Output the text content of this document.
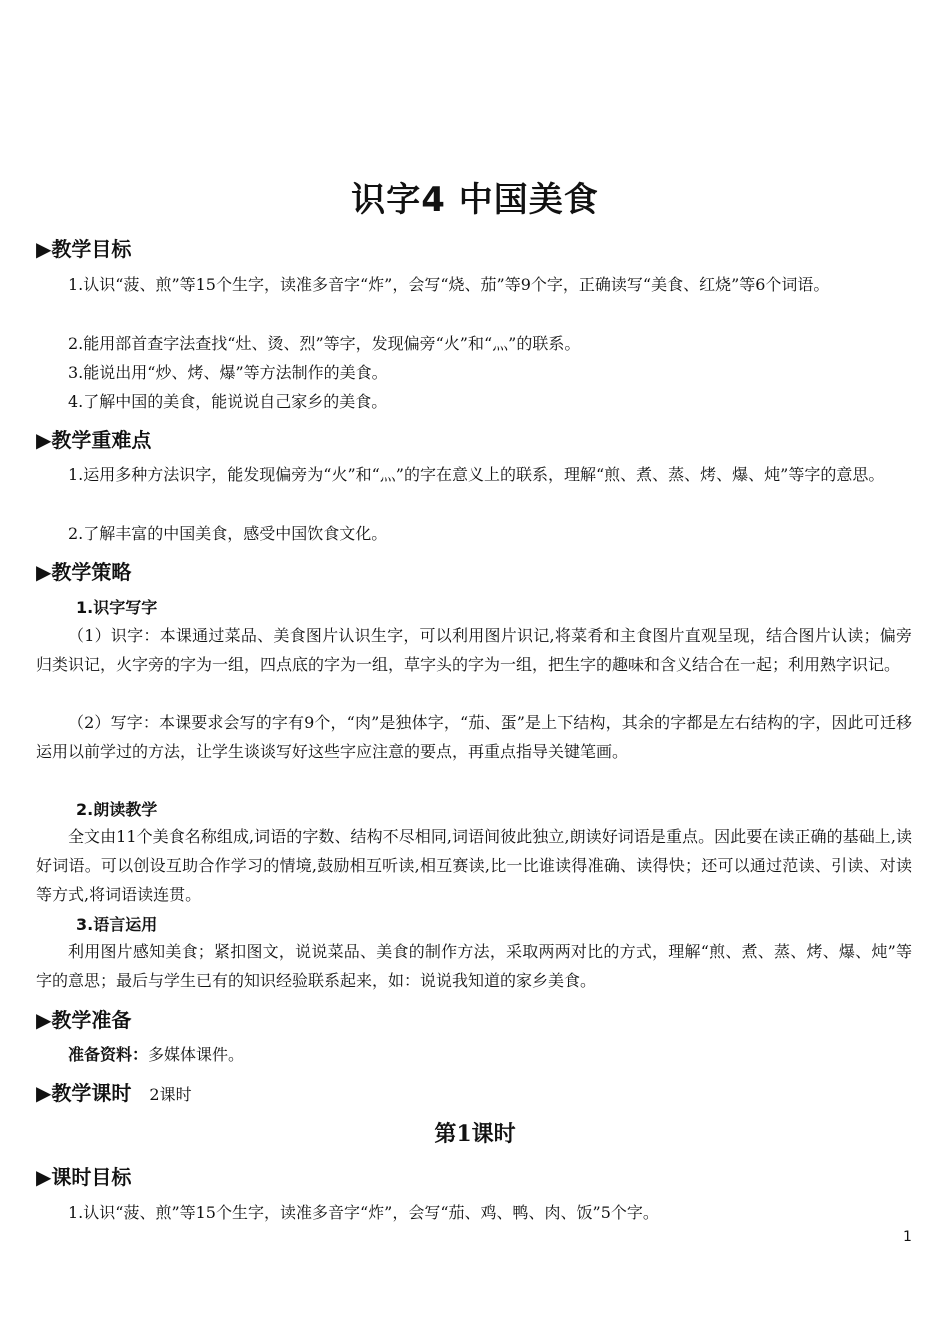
识字4 中国美食
▶教学目标
1.认识“菠、煎”等15个生字，读准多音字“炸”，会写“烧、茄”等9个字，正确读写“美食、红烧”等6个词语。
2.能用部首查字法查找“灶、烫、烈”等字，发现偏旁“火”和“灬”的联系。
3.能说出用“炒、烤、爆”等方法制作的美食。
4.了解中国的美食，能说说自己家乡的美食。
▶教学重难点
1.运用多种方法识字，能发现偏旁为“火”和“灬”的字在意义上的联系，理解“煎、煮、蒸、烤、爆、炖”等字的意思。
2.了解丰富的中国美食，感受中国饮食文化。
▶教学策略
1.识字写字
（1）识字：本课通过菜品、美食图片认识生字，可以利用图片识记,将菜肴和主食图片直观呈现，结合图片认读；偏旁归类识记，火字旁的字为一组，四点底的字为一组，草字头的字为一组，把生字的趣味和含义结合在一起；利用熟字识记。
（2）写字：本课要求会写的字有9个，“肉”是独体字，“茄、蛋”是上下结构，其余的字都是左右结构的字，因此可迁移运用以前学过的方法，让学生谈谈写好这些字应注意的要点，再重点指导关键笔画。
2.朗读教学
全文由11个美食名称组成,词语的字数、结构不尽相同,词语间彼此独立,朗读好词语是重点。因此要在读正确的基础上,读好词语。可以创设互助合作学习的情境,鼓励相互听读,相互赛读,比一比谁读得准确、读得快；还可以通过范读、引读、对读等方式,将词语读连贯。
3.语言运用
利用图片感知美食；紧扣图文，说说菜品、美食的制作方法，采取两两对比的方式，理解“煎、煮、蒸、烤、爆、炖”等字的意思；最后与学生已有的知识经验联系起来，如：说说我知道的家乡美食。
▶教学准备
准备资料：多媒体课件。
▶教学课时 2课时
第1课时
▶课时目标
1.认识“菠、煎”等15个生字，读准多音字“炸”，会写“茄、鸡、鸭、肉、饭”5个字。
1
